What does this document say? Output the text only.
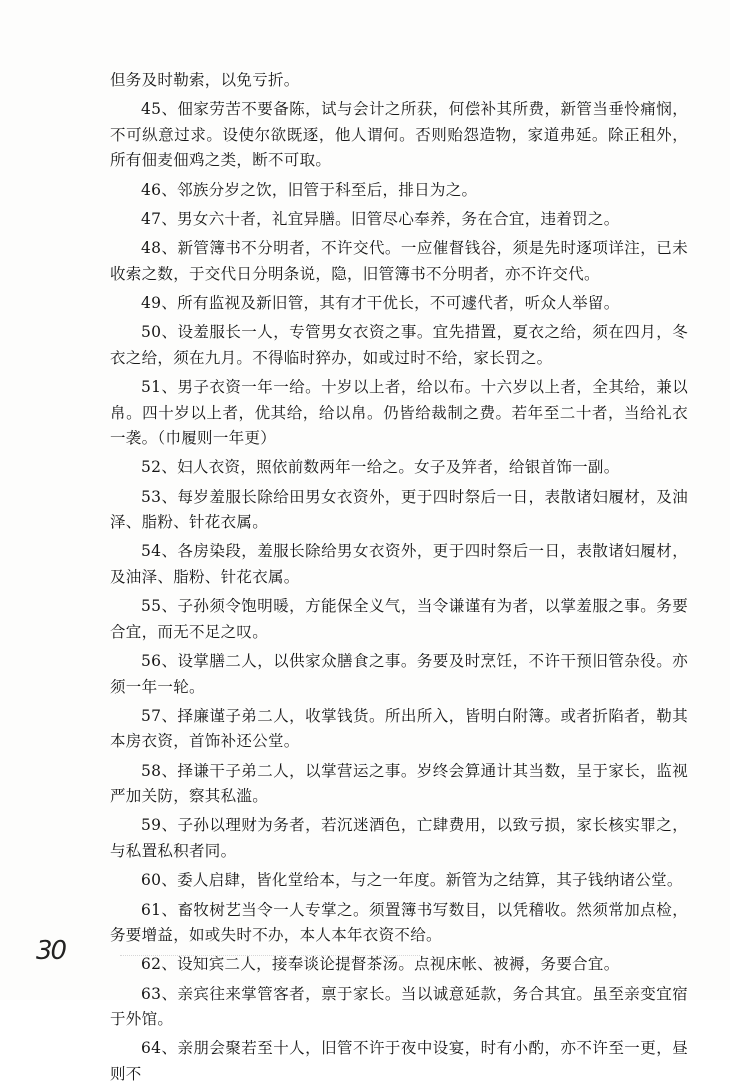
但务及时勒索，以免亏折。

45、佃家劳苦不要备陈，试与会计之所获，何偿补其所费，新管当垂怜痛悯，不可纵意过求。设使尔欲既逐，他人谓何。否则贻怨造物，家道弗延。除正租外，所有佃麦佃鸡之类，断不可取。

46、邻族分岁之饮，旧管于科至后，排日为之。

47、男女六十者，礼宜异膳。旧管尽心奉养，务在合宜，违着罚之。

48、新管簿书不分明者，不许交代。一应催督钱谷，须是先时逐项详注，已未收索之数，于交代日分明条说，隐，旧管簿书不分明者，亦不许交代。

49、所有监视及新旧管，其有才干优长，不可遽代者，听众人举留。

50、设羞服长一人，专管男女衣资之事。宜先措置，夏衣之给，须在四月，冬衣之给，须在九月。不得临时猝办，如或过时不给，家长罚之。

51、男子衣资一年一给。十岁以上者，给以布。十六岁以上者，全其给，兼以帛。四十岁以上者，优其给，给以帛。仍皆给裁制之费。若年至二十者，当给礼衣一袭。（巾履则一年更）

52、妇人衣资，照依前数两年一给之。女子及笄者，给银首饰一副。

53、每岁羞服长除给田男女衣资外，更于四时祭后一日，表散诸妇履材，及油泽、脂粉、针花衣属。

54、各房染段，羞服长除给男女衣资外，更于四时祭后一日，表散诸妇履材，及油泽、脂粉、针花衣属。

55、子孙须令饱明暖，方能保全义气，当令谦谨有为者，以掌羞服之事。务要合宜，而无不足之叹。

56、设掌膳二人，以供家众膳食之事。务要及时烹饪，不许干预旧管杂役。亦须一年一轮。

57、择廉谨子弟二人，收掌钱货。所出所入，皆明白附簿。或者折陷者，勒其本房衣资，首饰补还公堂。

58、择谦干子弟二人，以掌营运之事。岁终会算通计其当数，呈于家长，监视严加关防，察其私滥。

59、子孙以理财为务者，若沉迷酒色，亡肆费用，以致亏损，家长核实罪之，与私置私积者同。

60、委人启肆，皆化堂给本，与之一年度。新管为之结算，其子钱纳诸公堂。

61、畜牧树艺当令一人专掌之。须置簿书写数目，以凭稽收。然须常加点检，务要增益，如或失时不办，本人本年衣资不给。

62、设知宾二人，接奉谈论提督茶汤。点视床帐、被褥，务要合宜。

63、亲宾往来掌管客者，禀于家长。当以诚意延款，务合其宜。虽至亲变宜宿于外馆。

64、亲朋会聚若至十人，旧管不许于夜中设宴，时有小酌，亦不许至一更，昼则不

30
